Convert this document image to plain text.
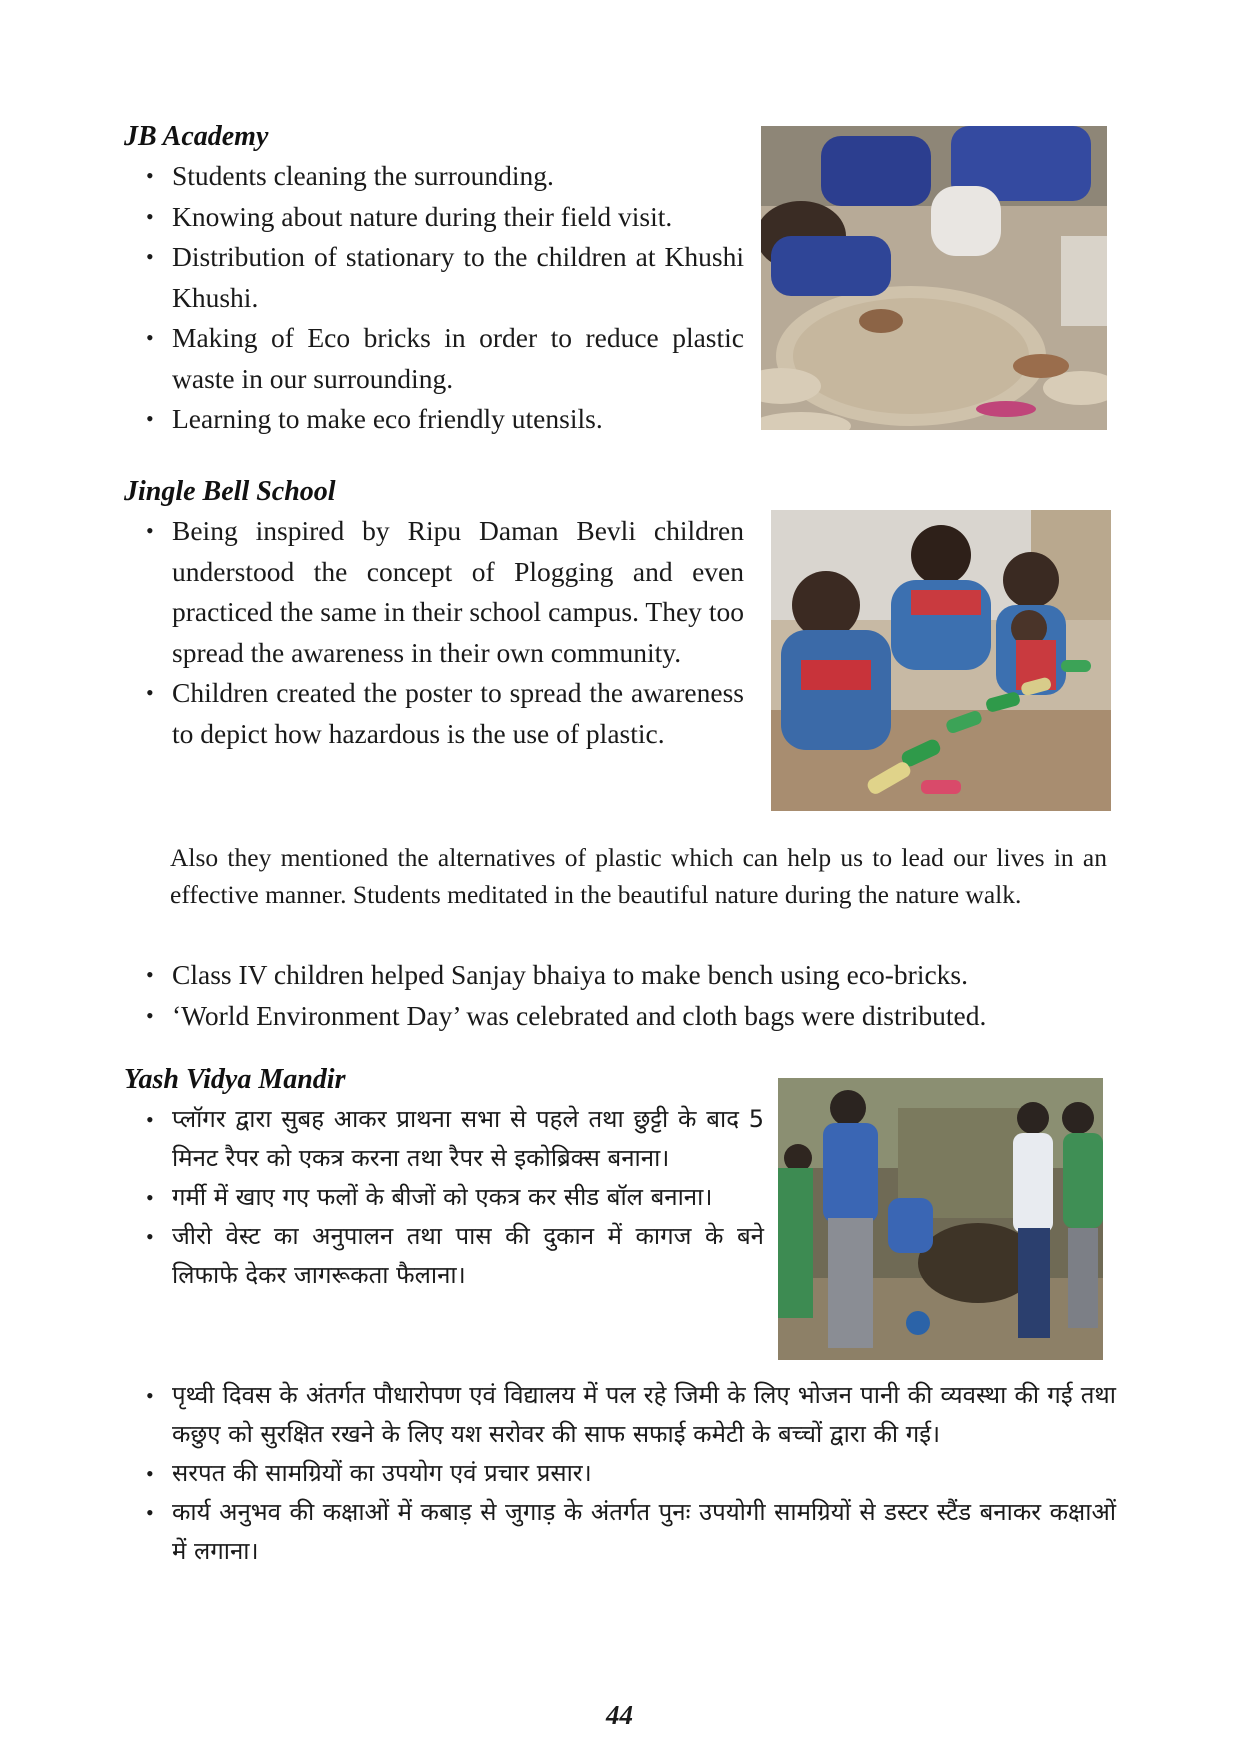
JB Academy
• Students cleaning the surrounding.
• Knowing about nature during their field visit.
• Distribution of stationary to the children at Khushi Khushi.
• Making of Eco bricks in order to reduce plastic waste in our surrounding.
• Learning to make eco friendly utensils.
Jingle Bell School
• Being inspired by Ripu Daman Bevli children understood the concept of Plogging and even practiced the same in their school campus. They too spread the awareness in their own community.
• Children created the poster to spread the awareness to depict how hazardous is the use of plastic.

Also they mentioned the alternatives of plastic which can help us to lead our lives in an effective manner. Students meditated in the beautiful nature during the nature walk.

• Class IV children helped Sanjay bhaiya to make bench using eco-bricks.
• ‘World Environment Day’ was celebrated and cloth bags were distributed.
Yash Vidya Mandir
• प्लॉगर द्वारा सुबह आकर प्राथना सभा से पहले तथा छुट्टी के बाद 5 मिनट रैपर को एकत्र करना तथा रैपर से इकोब्रिक्स बनाना।
• गर्मी में खाए गए फलों के बीजों को एकत्र कर सीड बॉल बनाना।
• जीरो वेस्ट का अनुपालन तथा पास की दुकान में कागज के बने लिफाफे देकर जागरूकता फैलाना।
• पृथ्वी दिवस के अंतर्गत पौधारोपण एवं विद्यालय में पल रहे जिमी के लिए भोजन पानी की व्यवस्था की गई तथा कछुए को सुरक्षित रखने के लिए यश सरोवर की साफ सफाई कमेटी के बच्चों द्वारा की गई।
• सरपत की सामग्रियों का उपयोग एवं प्रचार प्रसार।
• कार्य अनुभव की कक्षाओं में कबाड़ से जुगाड़ के अंतर्गत पुनः उपयोगी सामग्रियों से डस्टर स्टैंड बनाकर कक्षाओं में लगाना।

44
